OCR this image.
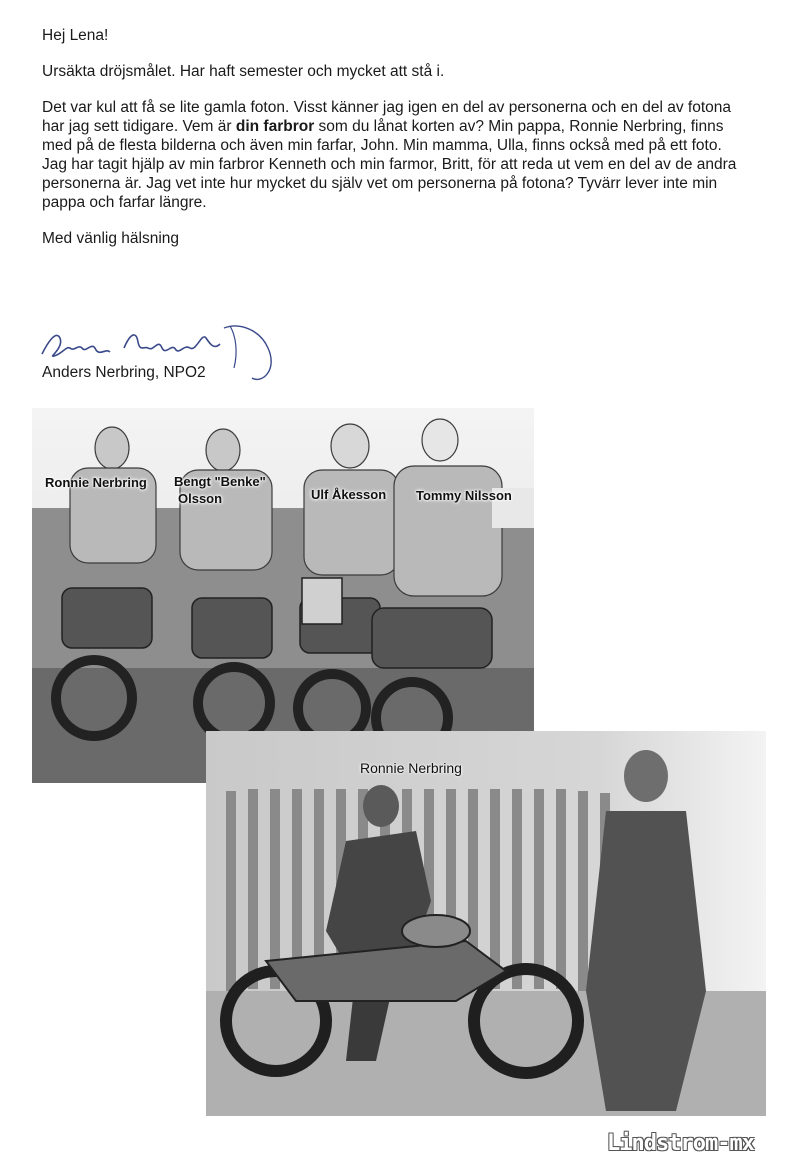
Hej Lena!

Ursäkta dröjsmålet. Har haft semester och mycket att stå i.

Det var kul att få se lite gamla foton. Visst känner jag igen en del av personerna och en del av fotona har jag sett tidigare. Vem är din farbror som du lånat korten av? Min pappa, Ronnie Nerbring, finns med på de flesta bilderna och även min farfar, John. Min mamma, Ulla, finns också med på ett foto. Jag har tagit hjälp av min farbror Kenneth och min farmor, Britt, för att reda ut vem en del av de andra personerna är. Jag vet inte hur mycket du själv vet om personerna på fotona? Tyvärr lever inte min pappa och farfar längre.

Med vänlig hälsning

Anders Nerbring, NPO2
Ronnie Nerbring Bengt "Benke"
Olsson	Ulf Åkesson Tommy Nilsson
Ronnie Nerbring
Lindstrom-mx
